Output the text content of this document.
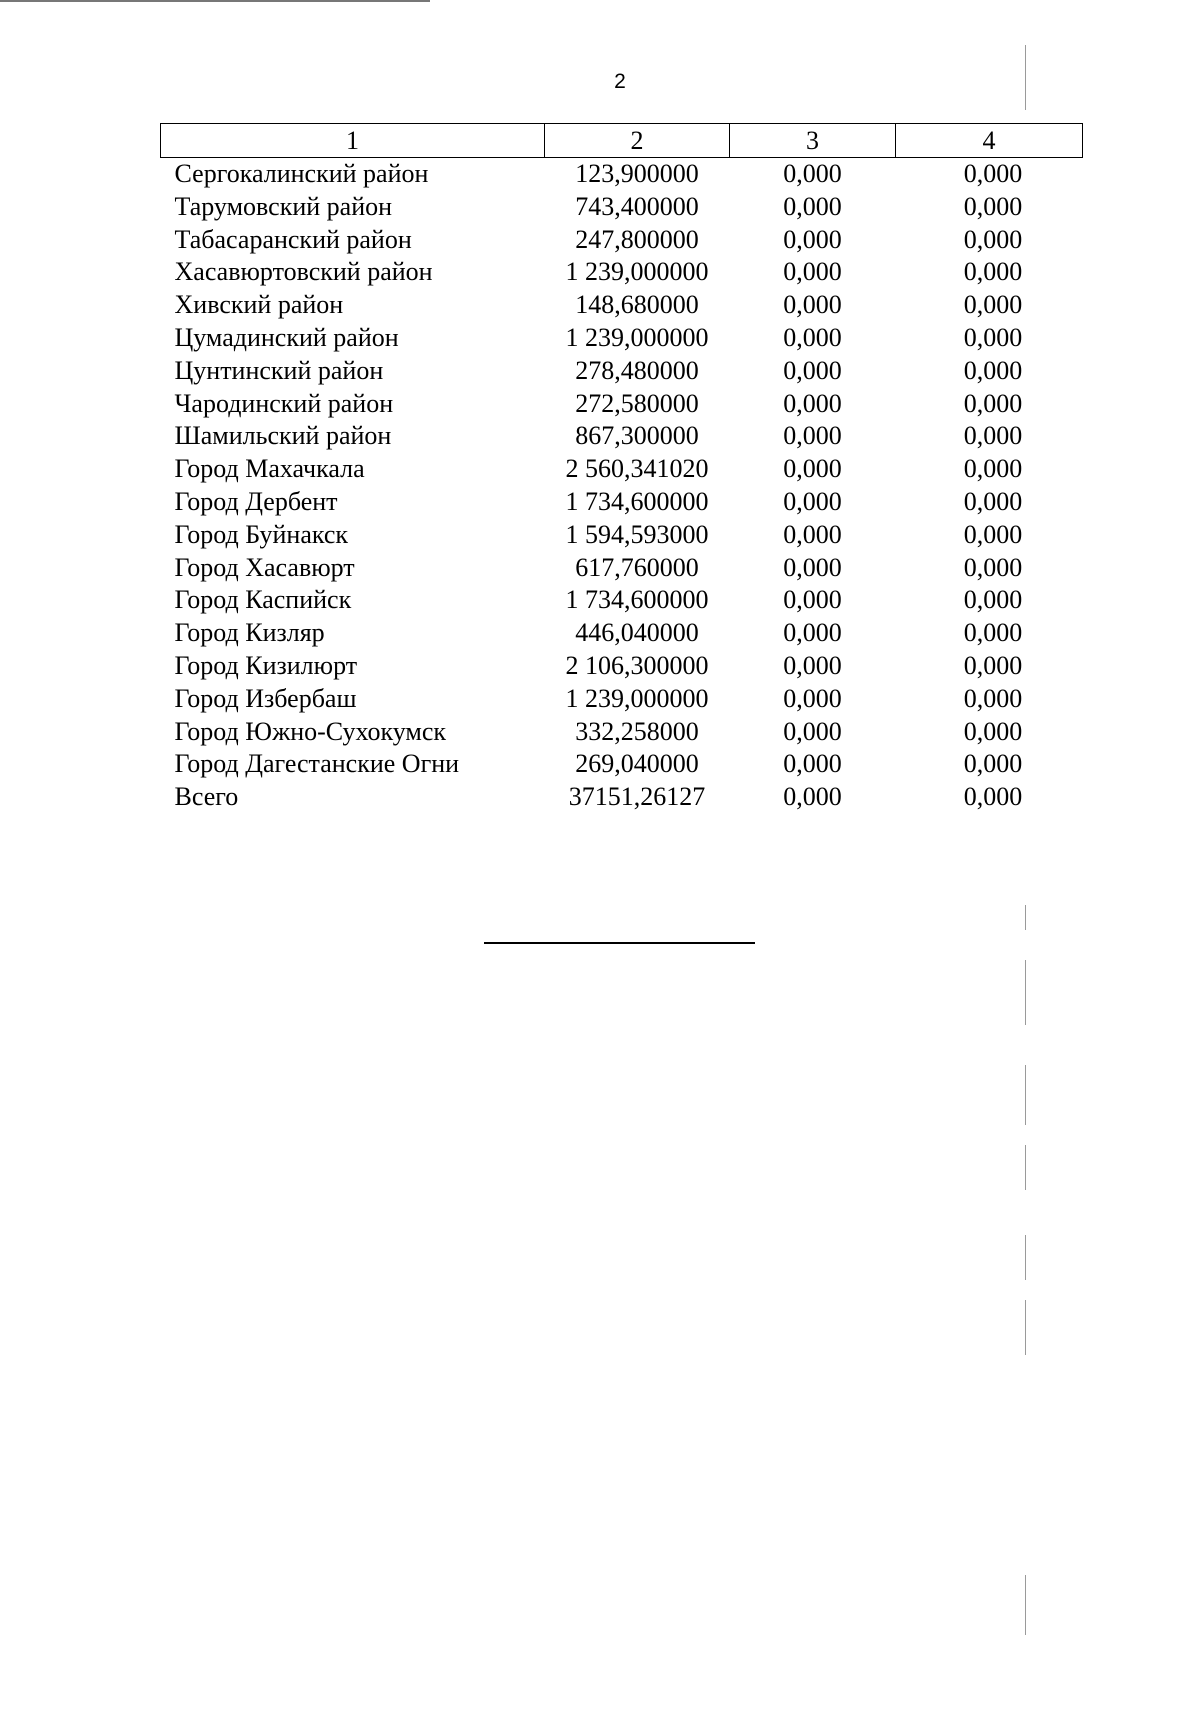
2
1	2	3	4
Сергокалинский район	123,900000	0,000	0,000
Тарумовский район	743,400000	0,000	0,000
Табасаранский район	247,800000	0,000	0,000
Хасавюртовский район	1 239,000000	0,000	0,000
Хивский район	148,680000	0,000	0,000
Цумадинский район	1 239,000000	0,000	0,000
Цунтинский район	278,480000	0,000	0,000
Чародинский район	272,580000	0,000	0,000
Шамильский район	867,300000	0,000	0,000
Город Махачкала	2 560,341020	0,000	0,000
Город Дербент	1 734,600000	0,000	0,000
Город Буйнакск	1 594,593000	0,000	0,000
Город Хасавюрт	617,760000	0,000	0,000
Город Каспийск	1 734,600000	0,000	0,000
Город Кизляр	446,040000	0,000	0,000
Город Кизилюрт	2 106,300000	0,000	0,000
Город Избербаш	1 239,000000	0,000	0,000
Город Южно-Сухокумск	332,258000	0,000	0,000
Город Дагестанские Огни	269,040000	0,000	0,000
Всего	37151,26127	0,000	0,000
